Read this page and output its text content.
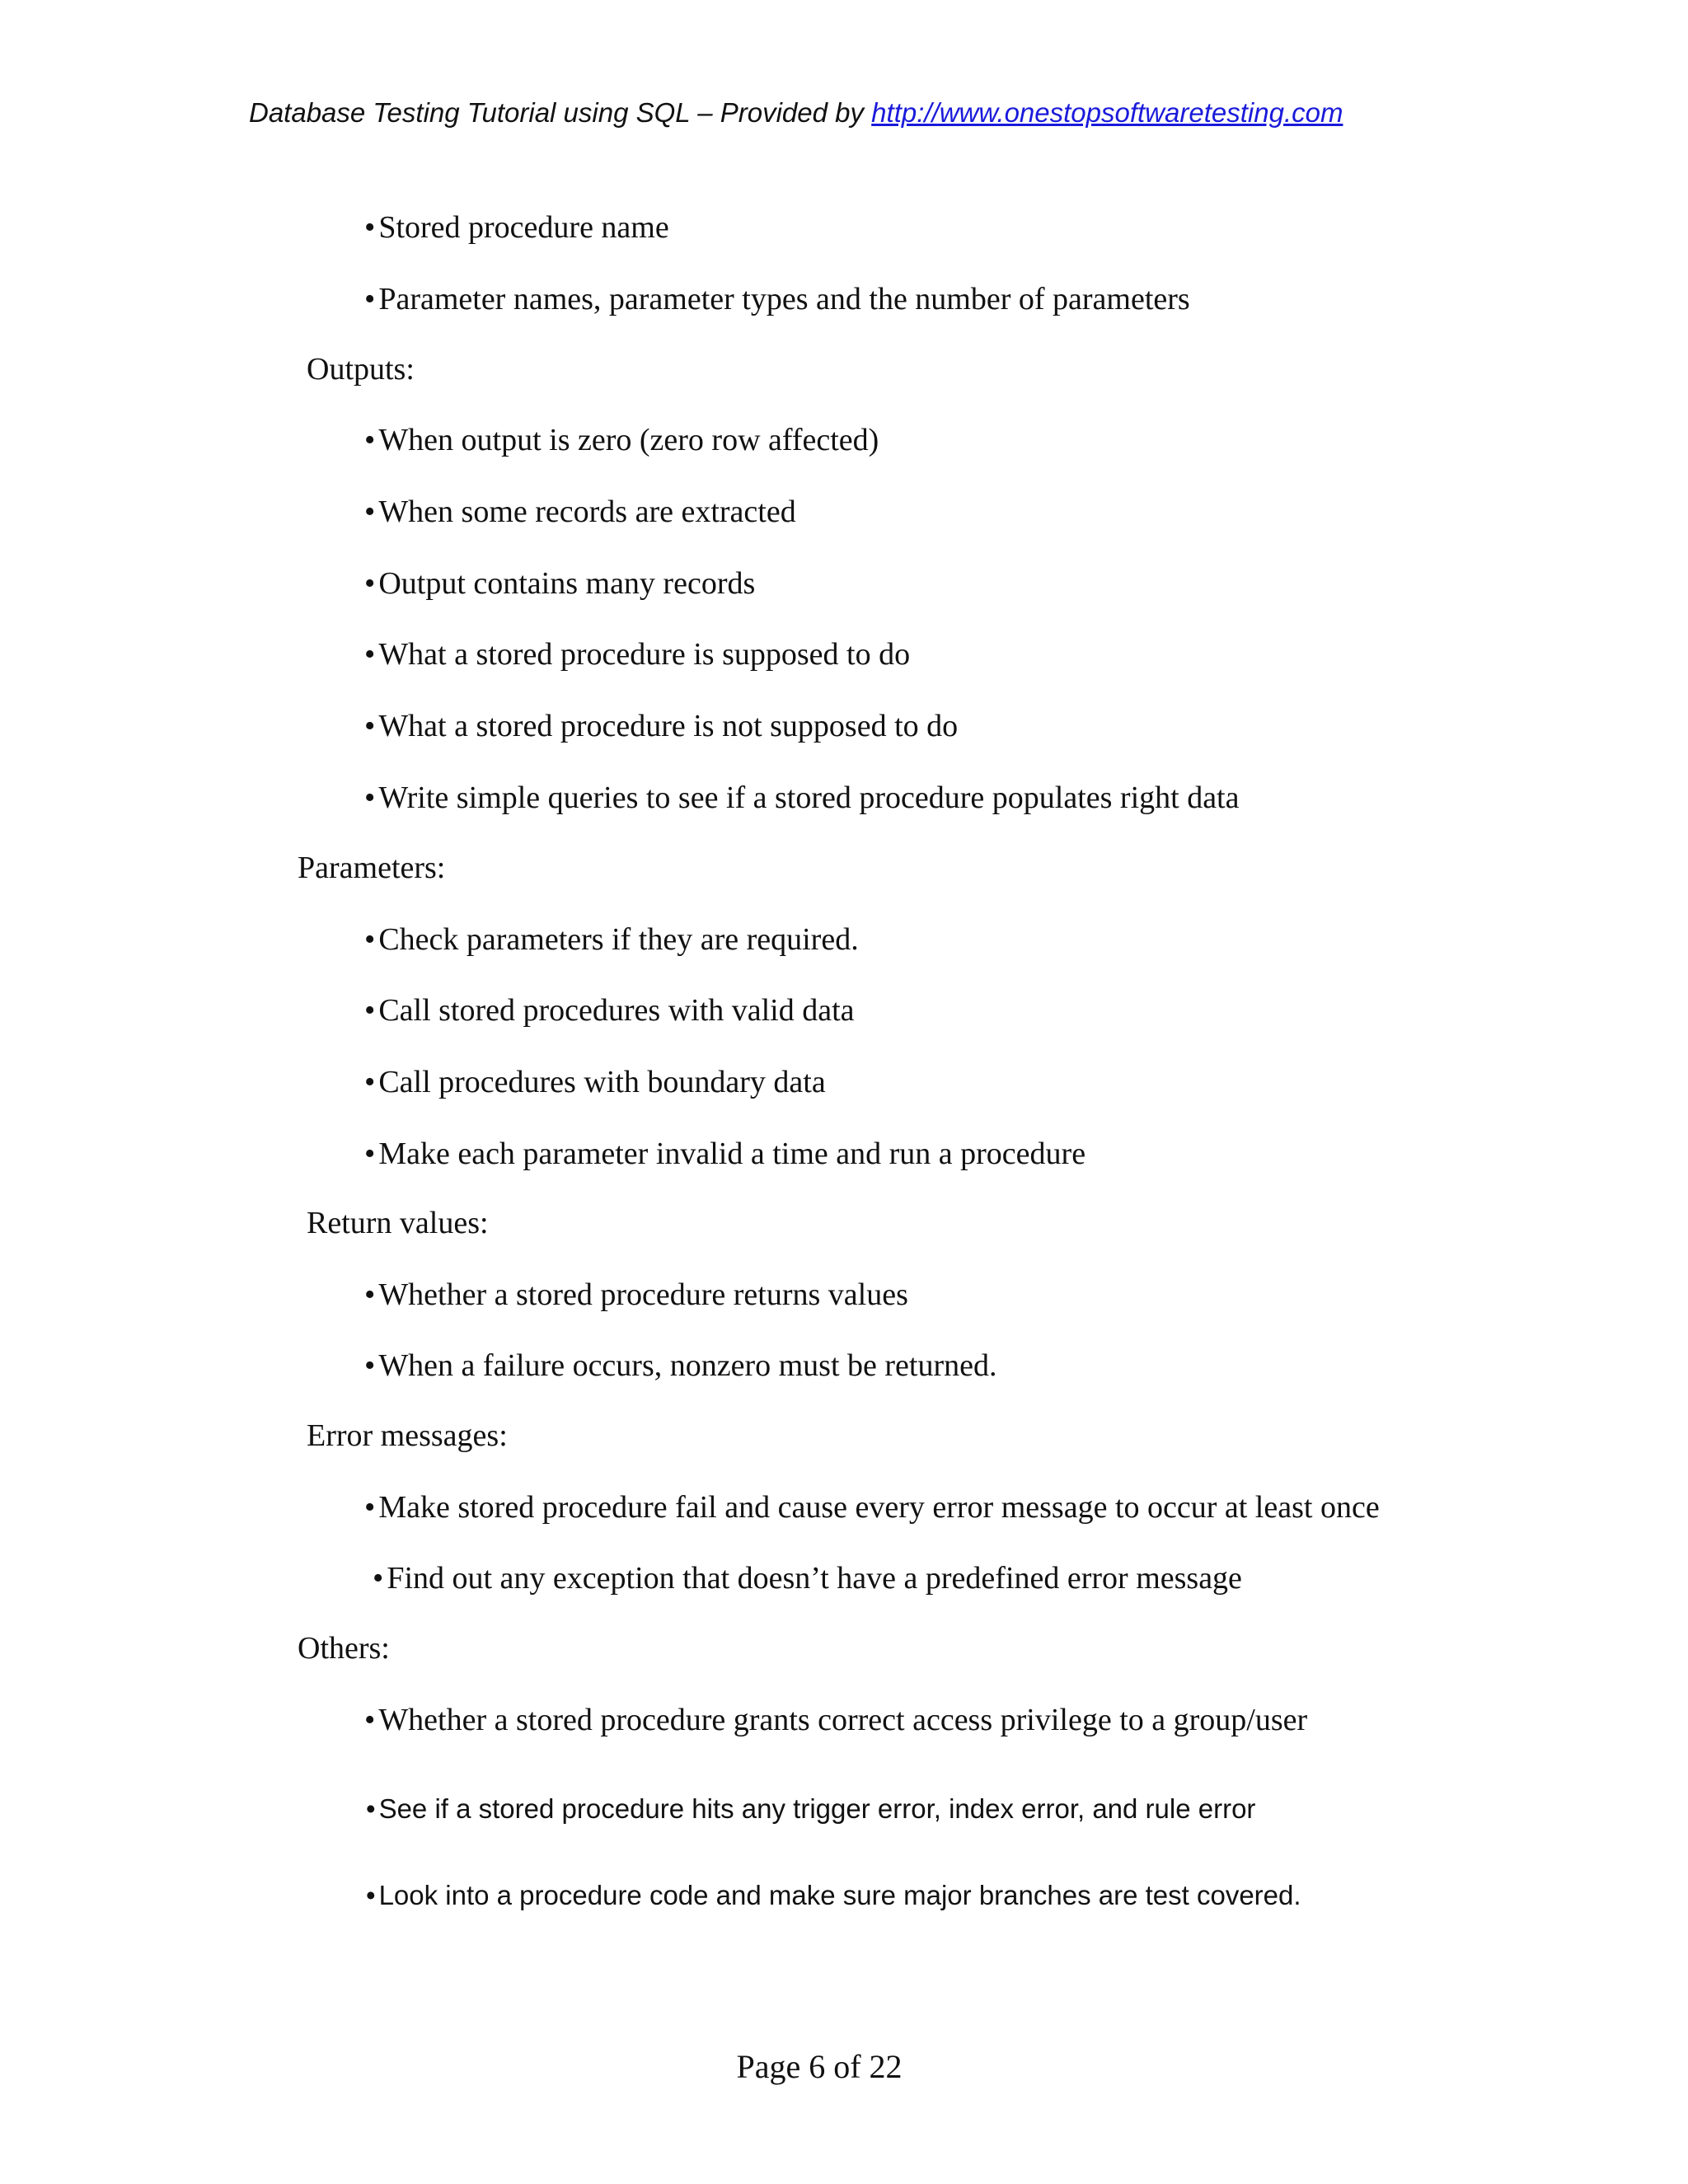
Database Testing Tutorial using SQL – Provided by http://www.onestopsoftwaretesting.com
• Stored procedure name
• Parameter names, parameter types and the number of parameters
Outputs:
• When output is zero (zero row affected)
• When some records are extracted
• Output contains many records
• What a stored procedure is supposed to do
• What a stored procedure is not supposed to do
• Write simple queries to see if a stored procedure populates right data
Parameters:
• Check parameters if they are required.
• Call stored procedures with valid data
• Call procedures with boundary data
• Make each parameter invalid a time and run a procedure
Return values:
• Whether a stored procedure returns values
• When a failure occurs, nonzero must be returned.
Error messages:
• Make stored procedure fail and cause every error message to occur at least once
• Find out any exception that doesn’t have a predefined error message
Others:
• Whether a stored procedure grants correct access privilege to a group/user
• See if a stored procedure hits any trigger error, index error, and rule error
• Look into a procedure code and make sure major branches are test covered.
Page 6 of 22
